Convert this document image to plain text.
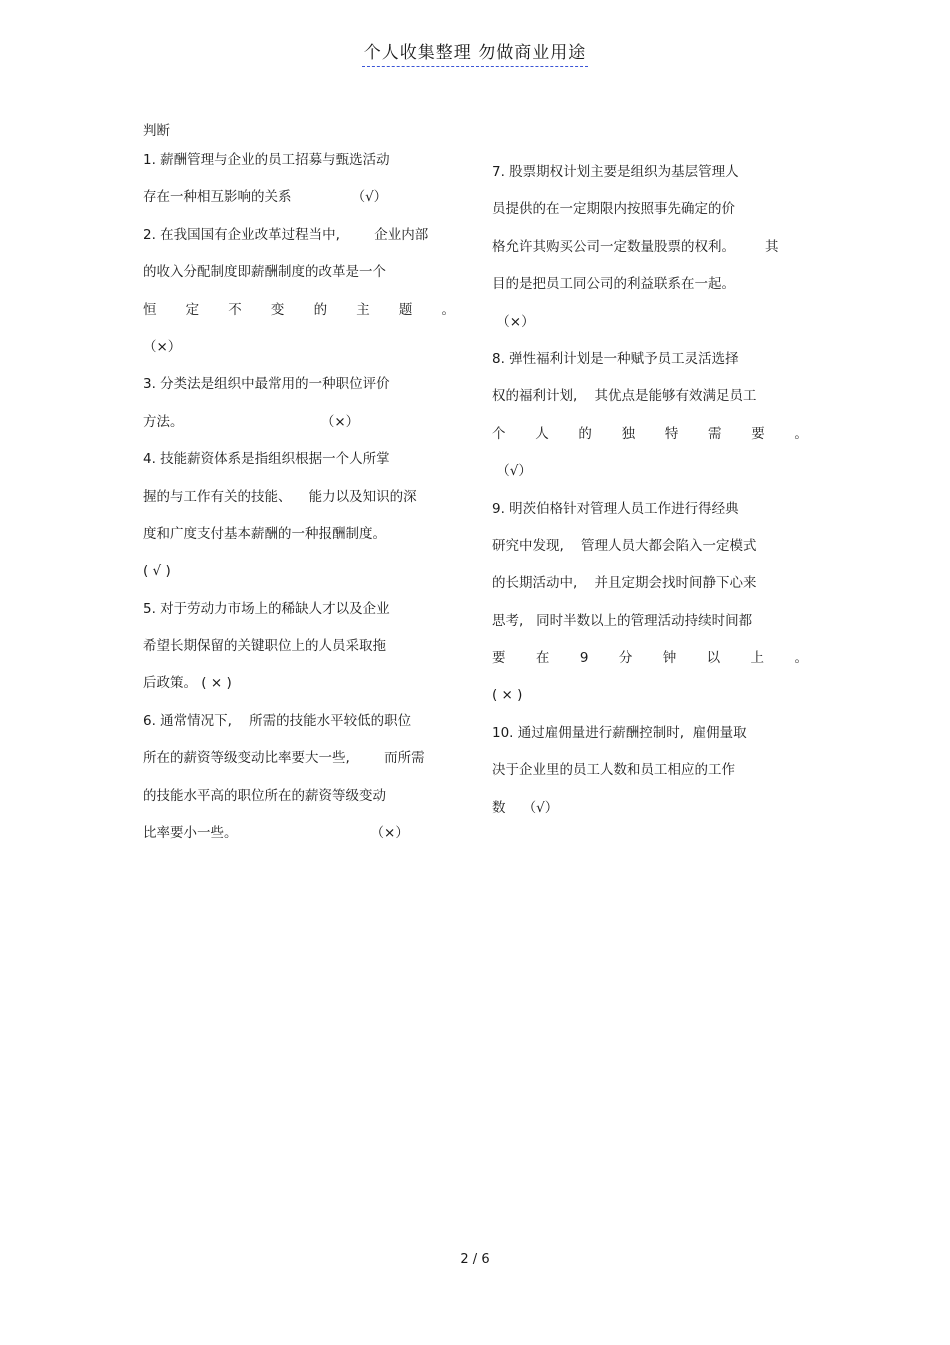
个人收集整理 勿做商业用途
判断
1. 薪酬管理与企业的员工招募与甄选活动
存在一种相互影响的关系              （√）
2. 在我国国有企业改革过程当中,        企业内部
的收入分配制度即薪酬制度的改革是一个
恒 定 不 变 的 主 题 。
（×）
3. 分类法是组织中最常用的一种职位评价
方法。                                （×）
4. 技能薪资体系是指组织根据一个人所掌
握的与工作有关的技能、    能力以及知识的深
度和广度支付基本薪酬的一种报酬制度。
( √ )
5. 对于劳动力市场上的稀缺人才以及企业
希望长期保留的关键职位上的人员采取拖
后政策。 ( × )
6. 通常情况下,    所需的技能水平较低的职位
所在的薪资等级变动比率要大一些,        而所需
的技能水平高的职位所在的薪资等级变动
比率要小一些。                               （×）
7. 股票期权计划主要是组织为基层管理人
员提供的在一定期限内按照事先确定的价
格允许其购买公司一定数量股票的权利。       其
目的是把员工同公司的利益联系在一起。
（×）
8. 弹性福利计划是一种赋予员工灵活选择
权的福利计划,    其优点是能够有效满足员工
个 人 的 独 特 需 要 。
（√）
9. 明茨伯格针对管理人员工作进行得经典
研究中发现,    管理人员大都会陷入一定模式
的长期活动中,    并且定期会找时间静下心来
思考,   同时半数以上的管理活动持续时间都
要 在 9 分 钟 以 上 。
( × )
10. 通过雇佣量进行薪酬控制时,  雇佣量取
决于企业里的员工人数和员工相应的工作
数    （√）
2 / 6
